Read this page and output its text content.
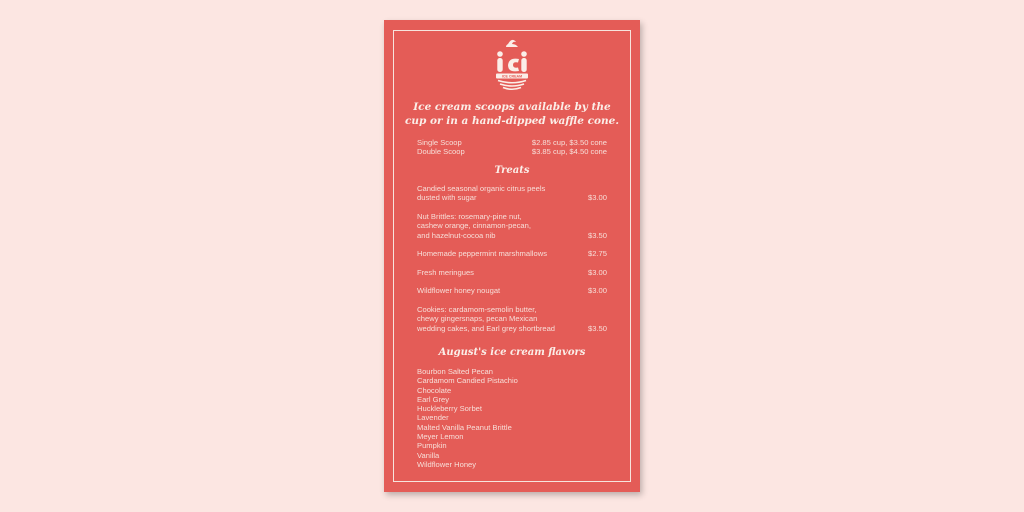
ICE CREAM
Ice cream scoops available by the cup or in a hand-dipped waffle cone.
Single Scoop	$2.85 cup, $3.50 cone
Double Scoop	$3.85 cup, $4.50 cone
Treats
Candied seasonal organic citrus peels dusted with sugar	$3.00
Nut Brittles: rosemary-pine nut, cashew orange, cinnamon-pecan, and hazelnut-cocoa nib	$3.50
Homemade peppermint marshmallows	$2.75
Fresh meringues	$3.00
Wildflower honey nougat	$3.00
Cookies: cardamom-semolin butter, chewy gingersnaps, pecan Mexican wedding cakes, and Earl grey shortbread	$3.50
August's ice cream flavors
Bourbon Salted Pecan
Cardamom Candied Pistachio
Chocolate
Earl Grey
Huckleberry Sorbet
Lavender
Malted Vanilla Peanut Brittle
Meyer Lemon
Pumpkin
Vanilla
Wildflower Honey
